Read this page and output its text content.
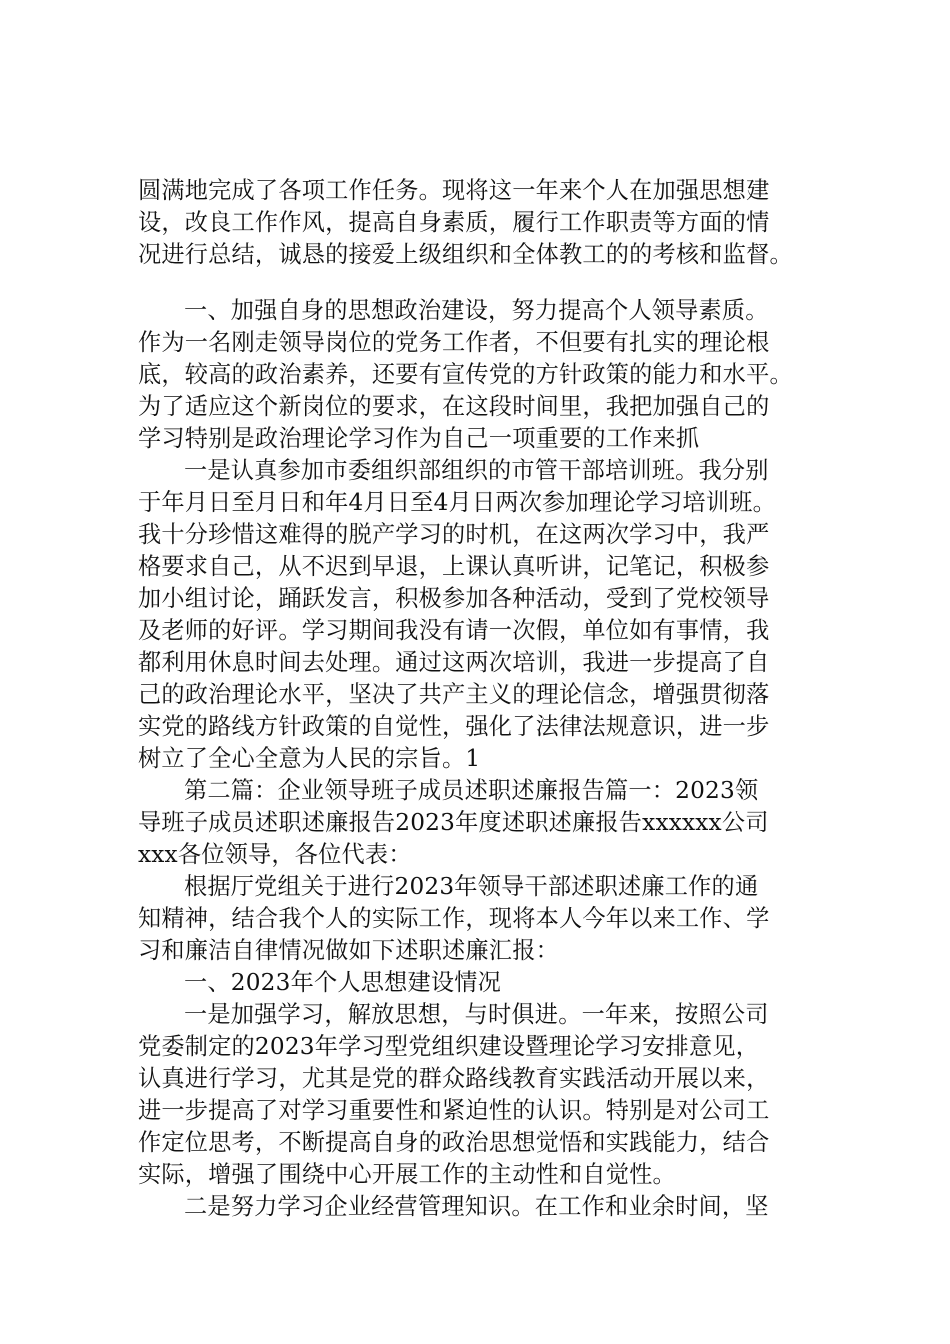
圆满地完成了各项工作任务。现将这一年来个人在加强思想建
设，改良工作作风，提高自身素质，履行工作职责等方面的情
况进行总结，诚恳的接爱上级组织和全体教工的的考核和监督。
一、加强自身的思想政治建设，努力提高个人领导素质。
作为一名刚走领导岗位的党务工作者，不但要有扎实的理论根
底，较高的政治素养，还要有宣传党的方针政策的能力和水平。
为了适应这个新岗位的要求，在这段时间里，我把加强自己的
学习特别是政治理论学习作为自己一项重要的工作来抓
一是认真参加市委组织部组织的市管干部培训班。我分别
于年月日至月日和年4月日至4月日两次参加理论学习培训班。
我十分珍惜这难得的脱产学习的时机，在这两次学习中，我严
格要求自己，从不迟到早退，上课认真听讲，记笔记，积极参
加小组讨论，踊跃发言，积极参加各种活动，受到了党校领导
及老师的好评。学习期间我没有请一次假，单位如有事情，我
都利用休息时间去处理。通过这两次培训，我进一步提高了自
己的政治理论水平，坚决了共产主义的理论信念，增强贯彻落
实党的路线方针政策的自觉性，强化了法律法规意识，进一步
树立了全心全意为人民的宗旨。1
第二篇：企业领导班子成员述职述廉报告篇一：2023领
导班子成员述职述廉报告2023年度述职述廉报告xxxxxx公司
xxx各位领导，各位代表：
根据厅党组关于进行2023年领导干部述职述廉工作的通
知精神，结合我个人的实际工作，现将本人今年以来工作、学
习和廉洁自律情况做如下述职述廉汇报：
一、2023年个人思想建设情况
一是加强学习，解放思想，与时俱进。一年来，按照公司
党委制定的2023年学习型党组织建设暨理论学习安排意见，
认真进行学习，尤其是党的群众路线教育实践活动开展以来，
进一步提高了对学习重要性和紧迫性的认识。特别是对公司工
作定位思考，不断提高自身的政治思想觉悟和实践能力，结合
实际，增强了围绕中心开展工作的主动性和自觉性。
二是努力学习企业经营管理知识。在工作和业余时间，坚
